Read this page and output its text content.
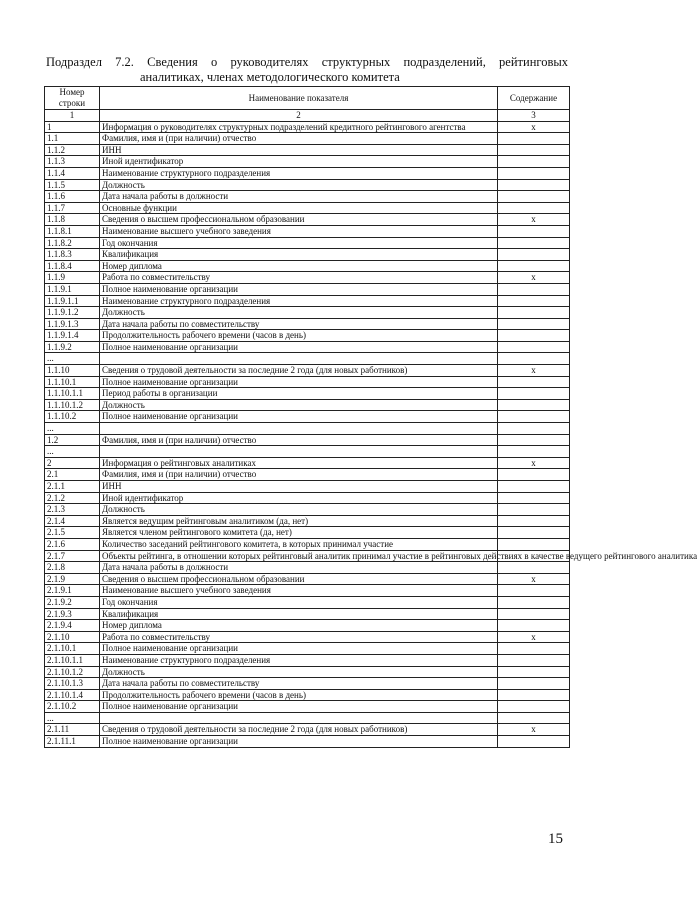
Подраздел 7.2. Сведения о руководителях структурных подразделений, рейтинговых
аналитиках, членах методологического комитета
Номер строки	Наименование показателя	Содержание
1	2	3
1	Информация о руководителях структурных подразделений кредитного рейтингового агентства	x
1.1	Фамилия, имя и (при наличии) отчество	
1.1.2	ИНН	
1.1.3	Иной идентификатор	
1.1.4	Наименование структурного подразделения	
1.1.5	Должность	
1.1.6	Дата начала работы в должности	
1.1.7	Основные функции	
1.1.8	Сведения о высшем профессиональном образовании	x
1.1.8.1	Наименование высшего учебного заведения	
1.1.8.2	Год окончания	
1.1.8.3	Квалификация	
1.1.8.4	Номер диплома	
1.1.9	Работа по совместительству	x
1.1.9.1	Полное наименование организации	
1.1.9.1.1	Наименование структурного подразделения	
1.1.9.1.2	Должность	
1.1.9.1.3	Дата начала работы по совместительству	
1.1.9.1.4	Продолжительность рабочего времени (часов в день)	
1.1.9.2	Полное наименование организации	
...		
1.1.10	Сведения о трудовой деятельности за последние 2 года (для новых работников)	x
1.1.10.1	Полное наименование организации	
1.1.10.1.1	Период работы в организации	
1.1.10.1.2	Должность	
1.1.10.2	Полное наименование организации	
...		
1.2	Фамилия, имя и (при наличии) отчество	
...		
2	Информация о рейтинговых аналитиках	x
2.1	Фамилия, имя и (при наличии) отчество	
2.1.1	ИНН	
2.1.2	Иной идентификатор	
2.1.3	Должность	
2.1.4	Является ведущим рейтинговым аналитиком (да, нет)	
2.1.5	Является членом рейтингового комитета (да, нет)	
2.1.6	Количество заседаний рейтингового комитета, в которых принимал участие	
2.1.7	Объекты рейтинга, в отношении которых рейтинговый аналитик принимал участие в рейтинговых действиях в качестве ведущего рейтингового аналитика	
2.1.8	Дата начала работы в должности	
2.1.9	Сведения о высшем профессиональном образовании	x
2.1.9.1	Наименование высшего учебного заведения	
2.1.9.2	Год окончания	
2.1.9.3	Квалификация	
2.1.9.4	Номер диплома	
2.1.10	Работа по совместительству	x
2.1.10.1	Полное наименование организации	
2.1.10.1.1	Наименование структурного подразделения	
2.1.10.1.2	Должность	
2.1.10.1.3	Дата начала работы по совместительству	
2.1.10.1.4	Продолжительность рабочего времени (часов в день)	
2.1.10.2	Полное наименование организации	
...		
2.1.11	Сведения о трудовой деятельности за последние 2 года (для новых работников)	x
2.1.11.1	Полное наименование организации	
15
